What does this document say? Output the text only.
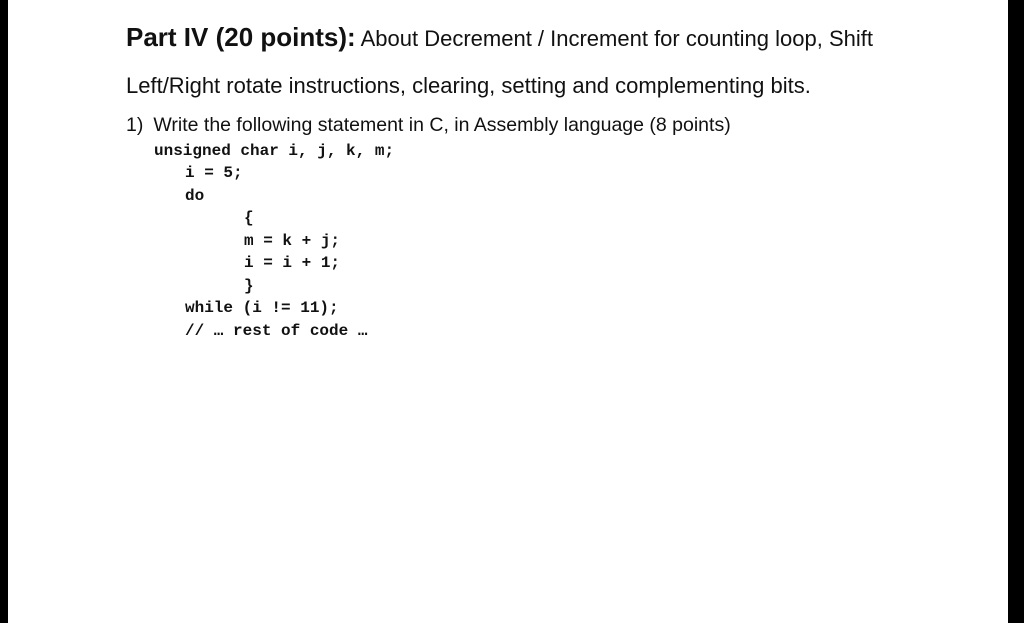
Part IV (20 points): About Decrement / Increment for counting loop, Shift
Left/Right rotate instructions, clearing, setting and complementing bits.
1) Write the following statement in C, in Assembly language (8 points)
unsigned char i, j, k, m;
i = 5;
do
{
m = k + j;
i = i + 1;
}
while (i != 11);
// … rest of code …
